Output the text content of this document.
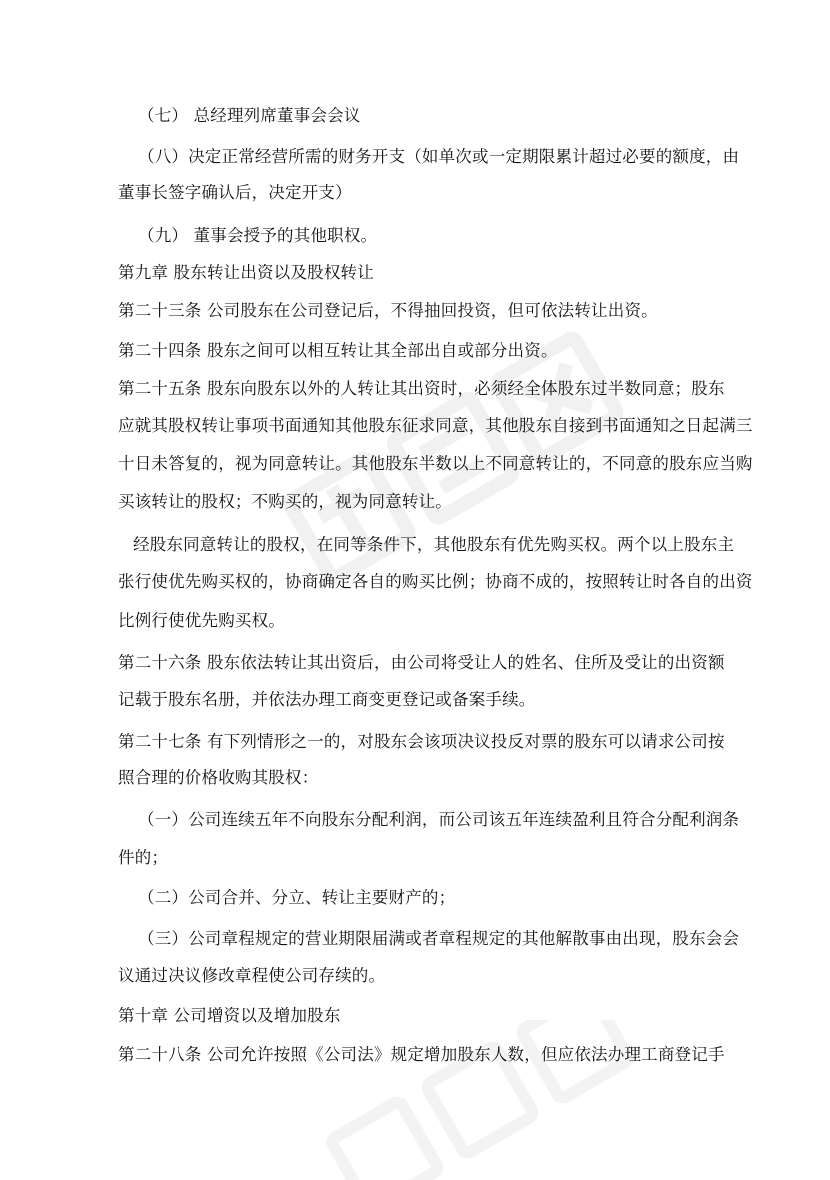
（七） 总经理列席董事会会议
（八）决定正常经营所需的财务开支（如单次或一定期限累计超过必要的额度，由
董事长签字确认后，决定开支）
（九） 董事会授予的其他职权。
第九章 股东转让出资以及股权转让
第二十三条 公司股东在公司登记后，不得抽回投资，但可依法转让出资。
第二十四条 股东之间可以相互转让其全部出自或部分出资。
第二十五条 股东向股东以外的人转让其出资时，必须经全体股东过半数同意；股东
应就其股权转让事项书面通知其他股东征求同意，其他股东自接到书面通知之日起满三
十日未答复的，视为同意转让。其他股东半数以上不同意转让的，不同意的股东应当购
买该转让的股权；不购买的，视为同意转让。
经股东同意转让的股权，在同等条件下，其他股东有优先购买权。两个以上股东主
张行使优先购买权的，协商确定各自的购买比例；协商不成的，按照转让时各自的出资
比例行使优先购买权。
第二十六条 股东依法转让其出资后，由公司将受让人的姓名、住所及受让的出资额
记载于股东名册，并依法办理工商变更登记或备案手续。
第二十七条 有下列情形之一的，对股东会该项决议投反对票的股东可以请求公司按
照合理的价格收购其股权：
（一）公司连续五年不向股东分配利润，而公司该五年连续盈利且符合分配利润条
件的；
（二）公司合并、分立、转让主要财产的；
（三）公司章程规定的营业期限届满或者章程规定的其他解散事由出现，股东会会
议通过决议修改章程使公司存续的。
第十章 公司增资以及增加股东
第二十八条 公司允许按照《公司法》规定增加股东人数，但应依法办理工商登记手
